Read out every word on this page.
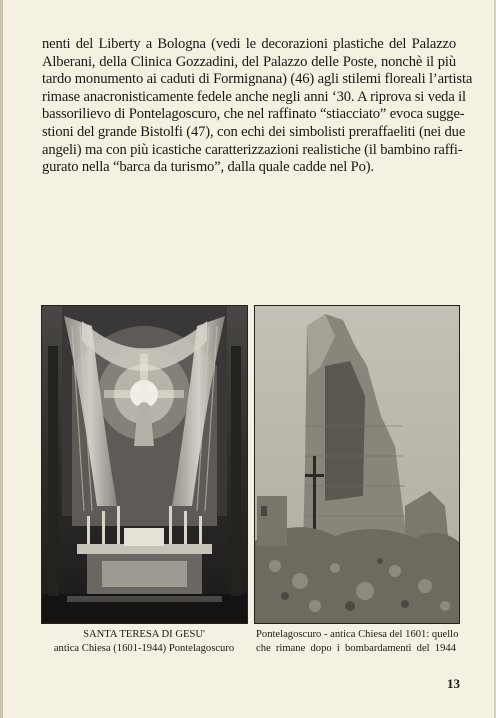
nenti del Liberty a Bologna (vedi le decorazioni plastiche del Palazzo
Alberani, della Clinica Gozzadini, del Palazzo delle Poste, nonchè il più
tardo monumento ai caduti di Formignana) (46) agli stilemi floreali l’artista
rimase anacronisticamente fedele anche negli anni ‘30. A riprova si veda il
bassorilievo di Pontelagoscuro, che nel raffinato “stiacciato” evoca sugge-
stioni del grande Bistolfi (47), con echi dei simbolisti preraffaeliti (nei due
angeli) ma con più icastiche caratterizzazioni realistiche (il bambino raffi-
gurato nella “barca da turismo”, dalla quale cadde nel Po).
SANTA TERESA DI GESU'
antica Chiesa (1601-1944) Pontelagoscuro
Pontelagoscuro - antica Chiesa del 1601: quello
che rimane dopo i bombardamenti del 1944
13
